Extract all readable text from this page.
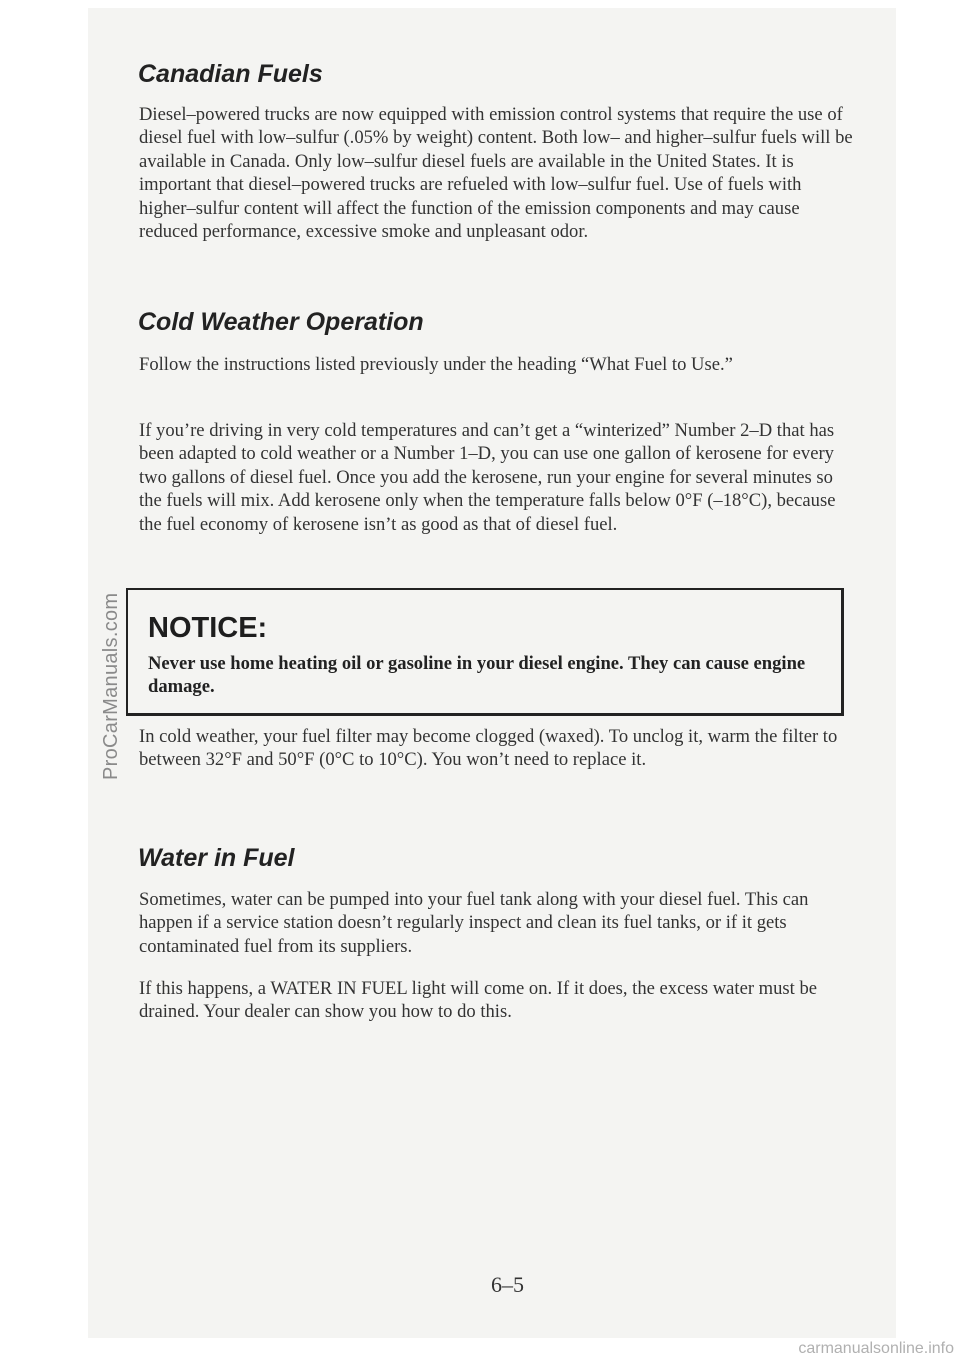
Canadian Fuels

Diesel–powered trucks are now equipped with emission control systems that require the use of diesel fuel with low–sulfur (.05% by weight) content. Both low– and higher–sulfur fuels will be available in Canada. Only low–sulfur diesel fuels are available in the United States. It is important that diesel–powered trucks are refueled with low–sulfur fuel. Use of fuels with higher–sulfur content will affect the function of the emission components and may cause reduced performance, excessive smoke and unpleasant odor.

Cold Weather Operation

Follow the instructions listed previously under the heading “What Fuel to Use.”

If you’re driving in very cold temperatures and can’t get a “winterized” Number 2–D that has been adapted to cold weather or a Number 1–D, you can use one gallon of kerosene for every two gallons of diesel fuel. Once you add the kerosene, run your engine for several minutes so the fuels will mix. Add kerosene only when the temperature falls below 0°F (–18°C), because the fuel economy of kerosene isn’t as good as that of diesel fuel.

NOTICE:

Never use home heating oil or gasoline in your diesel engine. They can cause engine damage.

In cold weather, your fuel filter may become clogged (waxed). To unclog it, warm the filter to between 32°F and 50°F (0°C to 10°C). You won’t need to replace it.

Water in Fuel

Sometimes, water can be pumped into your fuel tank along with your diesel fuel. This can happen if a service station doesn’t regularly inspect and clean its fuel tanks, or if it gets contaminated fuel from its suppliers.

If this happens, a WATER IN FUEL light will come on. If it does, the excess water must be drained. Your dealer can show you how to do this.

6–5
ProCarManuals.com
carmanualsonline.info
